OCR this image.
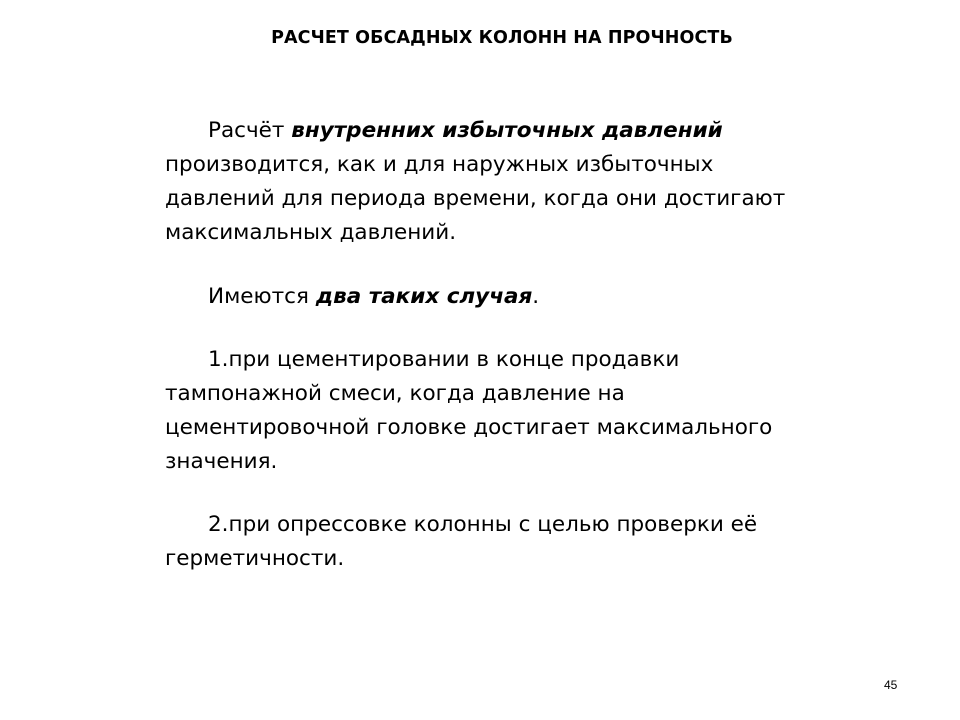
РАСЧЕТ ОБСАДНЫХ КОЛОНН НА ПРОЧНОСТЬ

Расчёт внутренних избыточных давлений производится, как и для наружных избыточных давлений для периода времени, когда они достигают максимальных давлений.

Имеются два таких случая.

1.при цементировании в конце продавки тампонажной смеси, когда давление на цементировочной головке достигает максимального значения.

2.при опрессовке колонны с целью проверки её герметичности.

45
